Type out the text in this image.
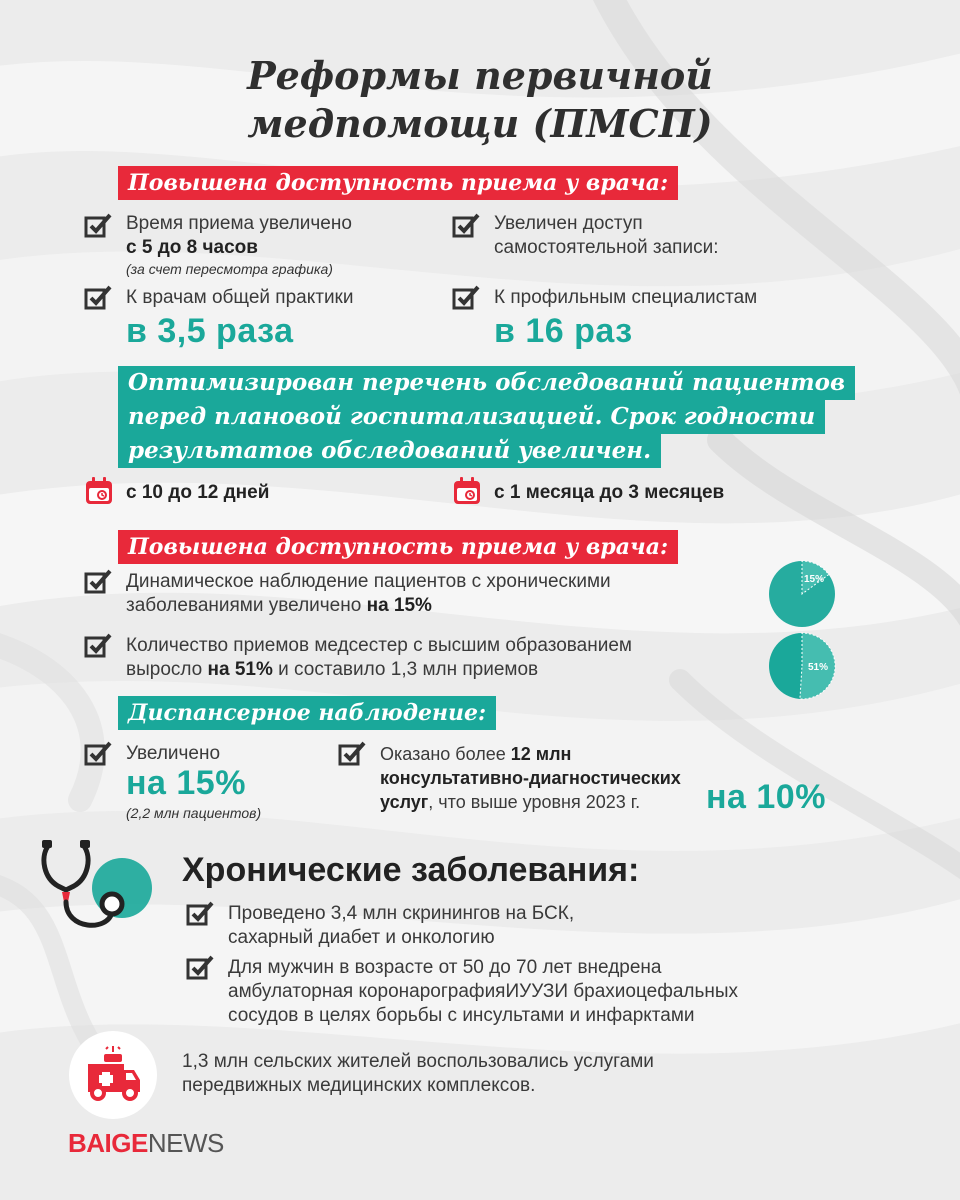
Реформы первичной
медпомощи (ПМСП)
Повышена доступность приема у врача:
Время приема увеличено
с 5 до 8 часов
(за счет пересмотра графика)
Увеличен доступ
самостоятельной записи:
К врачам общей практики
в 3,5 раза
К профильным специалистам
в 16 раз
Оптимизирован перечень обследований пациентов
перед плановой госпитализацией. Срок годности
результатов обследований увеличен.
с 10 до 12 дней	с 1 месяца до 3 месяцев
Повышена доступность приема у врача:
Динамическое наблюдение пациентов с хроническими
заболеваниями увеличено на 15%
Количество приемов медсестер с высшим образованием
выросло на 51% и составило 1,3 млн приемов
15%
51%
Диспансерное наблюдение:
Увеличено
на 15%
(2,2 млн пациентов)
Оказано более 12 млн
консультативно-диагностических
услуг, что выше уровня 2023 г.	на 10%
Хронические заболевания:
Проведено 3,4 млн скринингов на БСК,
сахарный диабет и онкологию
Для мужчин в возрасте от 50 до 70 лет внедрена
амбулаторная коронарографияИУУЗИ брахиоцефальных
сосудов в целях борьбы с инсультами и инфарктами
1,3 млн сельских жителей воспользовались услугами
передвижных медицинских комплексов.
BAIGENEWS
